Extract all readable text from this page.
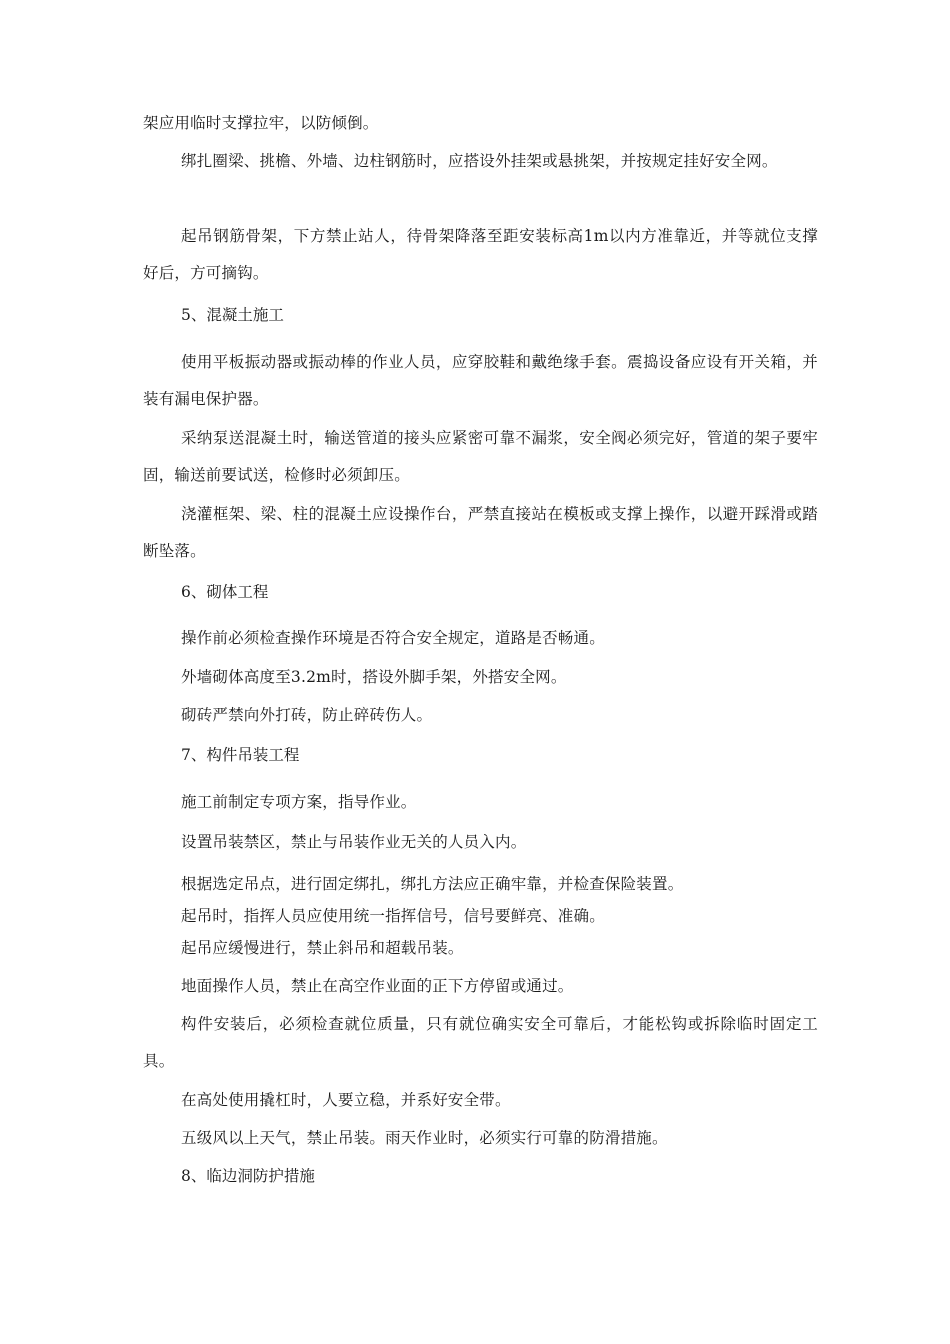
架应用临时支撑拉牢，以防倾倒。

绑扎圈梁、挑檐、外墙、边柱钢筋时，应搭设外挂架或悬挑架，并按规定挂好安全网。

起吊钢筋骨架，下方禁止站人，待骨架降落至距安装标高1m以内方准靠近，并等就位支撑好后，方可摘钩。

5、混凝土施工

使用平板振动器或振动棒的作业人员，应穿胶鞋和戴绝缘手套。震捣设备应设有开关箱，并装有漏电保护器。

采纳泵送混凝土时，输送管道的接头应紧密可靠不漏浆，安全阀必须完好，管道的架子要牢固，输送前要试送，检修时必须卸压。

浇灌框架、梁、柱的混凝土应设操作台，严禁直接站在模板或支撑上操作，以避开踩滑或踏断坠落。

6、砌体工程

操作前必须检查操作环境是否符合安全规定，道路是否畅通。

外墙砌体高度至3.2m时，搭设外脚手架，外搭安全网。

砌砖严禁向外打砖，防止碎砖伤人。

7、构件吊装工程

施工前制定专项方案，指导作业。

设置吊装禁区，禁止与吊装作业无关的人员入内。

根据选定吊点，进行固定绑扎，绑扎方法应正确牢靠，并检查保险装置。

起吊时，指挥人员应使用统一指挥信号，信号要鲜亮、准确。

起吊应缓慢进行，禁止斜吊和超载吊装。

地面操作人员，禁止在高空作业面的正下方停留或通过。

构件安装后，必须检查就位质量，只有就位确实安全可靠后，才能松钩或拆除临时固定工具。

在高处使用撬杠时，人要立稳，并系好安全带。

五级风以上天气，禁止吊装。雨天作业时，必须实行可靠的防滑措施。

8、临边洞防护措施
